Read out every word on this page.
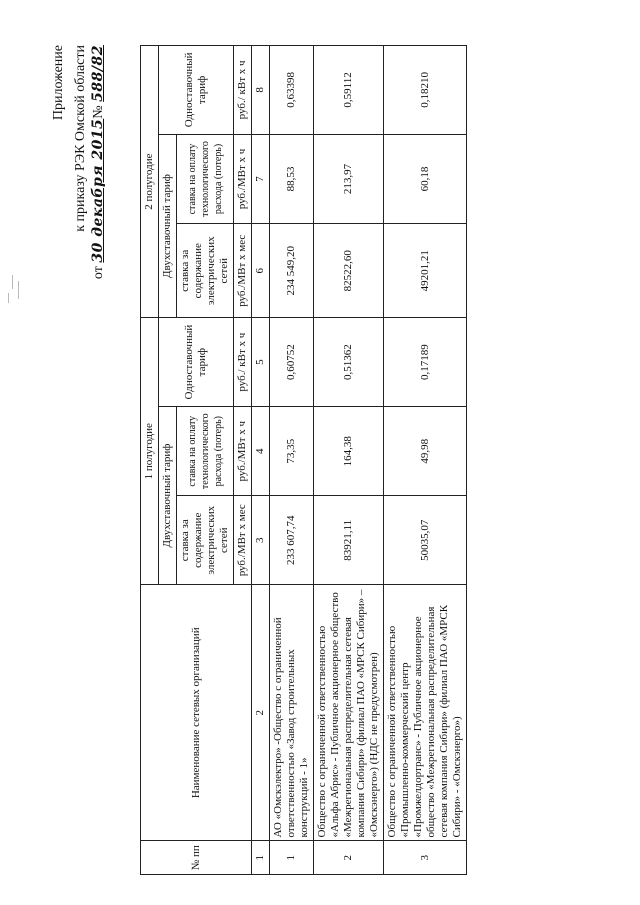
Приложение к приказу РЭК Омской области
от 30 декабря 2015№ 588/82
№ пп	Наименование сетевых организаций	1 полугодие			2 полугодие		
		Двухставочный тариф		Одноставочный тариф	Двухставочный тариф		Одноставочный тариф
		ставка за содержание электрических сетей	ставка на оплату технологического расхода (потерь)		ставка за содержание электрических сетей	ставка на оплату технологического расхода (потерь)	
		руб./МВт х мес	руб./МВт х ч	руб./ кВт х ч	руб./МВт х мес	руб./МВт х ч	руб./ кВт х ч
1	2	3	4	5	6	7	8
1	АО «Омскэлектро» -Общество с ограниченной ответственностью «Завод строительных конструкций - 1»	233 607,74	73,35	0,60752	234 549,20	88,53	0,63398
2	Общество с ограниченной ответственностью «Альфа Абрис» - Публичное акционерное общество «Межрегиональная распределительная сетевая компания Сибири» (филиал ПАО «МРСК Сибири» – «Омскэнерго») (НДС не предусмотрен)	83921,11	164,38	0,51362	82522,60	213,97	0,59112
3	Общество с ограниченной ответственностью «Промышленно-коммерческий центр «Промжелдортранс» - Публичное акционерное общество «Межрегиональная распределительная сетевая компания Сибири» (филиал ПАО «МРСК Сибири» - «Омскэнерго»)	50035,07	49,98	0,17189	49201,21	60,18	0,18210
